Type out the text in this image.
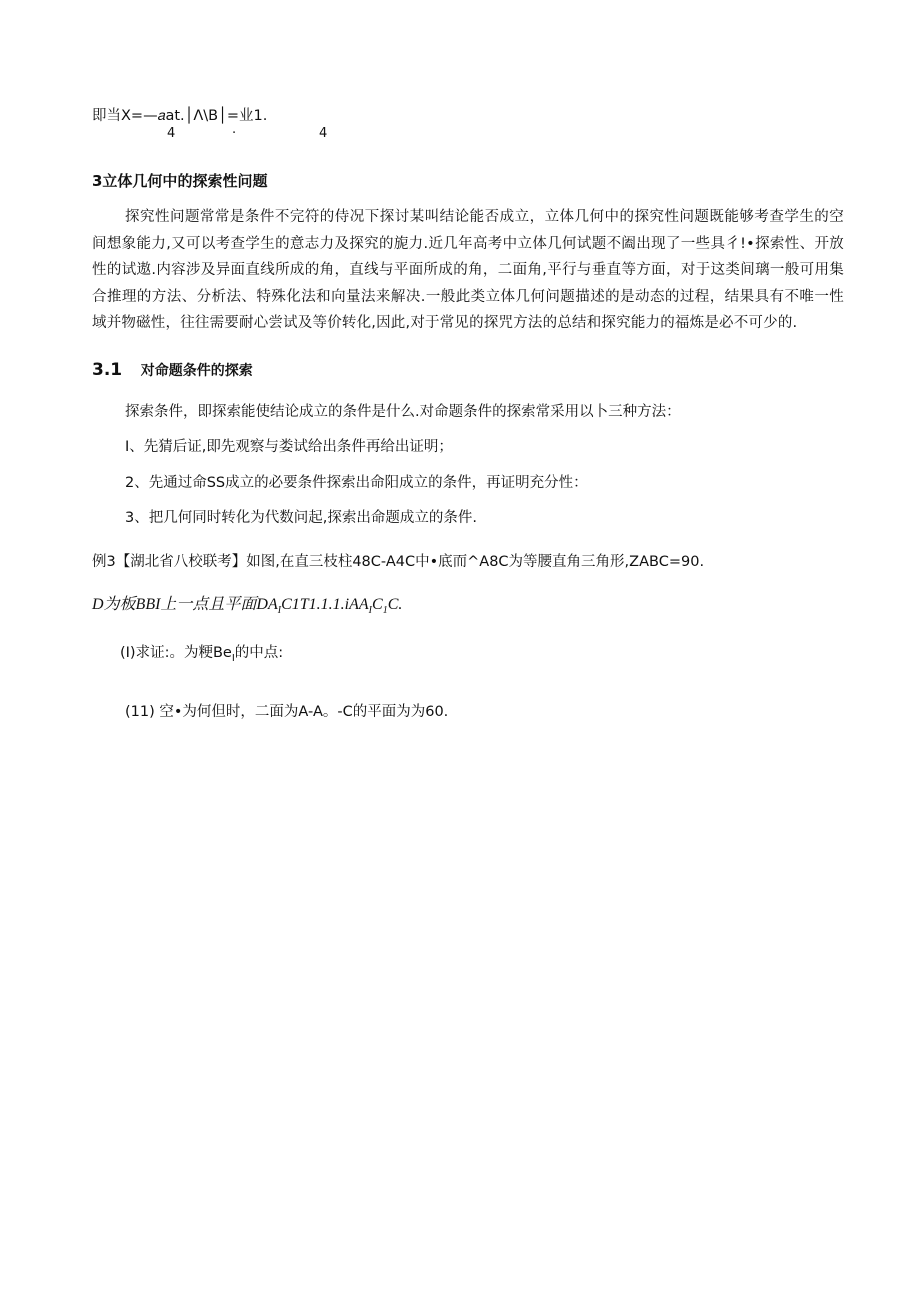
即当X=—𝑎at.│Λ\B│=业1.
4	·	4
3立体几何中的探索性问题
探究性问题常常是条件不完符的侍况下探讨某叫结论能否成立，立体几何中的探究性问题既能够考查学生的空间想象能力,又可以考查学生的意志力及探究的旎力.近几年高考中立体几何试题不阖出现了一些具彳!•探索性、开放性的试遨.内容涉及异面直线所成的角，直线与平面所成的角，二面角,平行与垂直等方面，对于这类间璃一般可用集合推理的方法、分析法、特殊化法和向量法来解决.一般此类立体几何问题描述的是动态的过程，结果具有不唯一性域并物磁性，往往需要耐心尝试及等价转化,因此,对于常见的探咒方法的总结和探究能力的福炼是必不可少的.
3.1 对命题条件的探索
探索条件，即探索能使结论成立的条件是什么.对命题条件的探索常采用以卜三种方法：
I、先猜后证,即先观察与娄试给出条件再给出证明；
2、先通过命SS成立的必要条件探索出命阳成立的条件，再证明充分性：
3、把几何同时转化为代数问起,探索出命题成立的条件.
例3【湖北省八校联考】如图,在直三枝柱48C-A4C中•底而^A8C为等腰直角三角形,ZABC=90.
D为板BBI上一点且平面$DA_IC1T1.1.1.iAA_IC_1C$.
(I)求证:。为粳$Be_I$的中点:
(11) 空•为何但时，二面为A-A。-C的平面为为60.
